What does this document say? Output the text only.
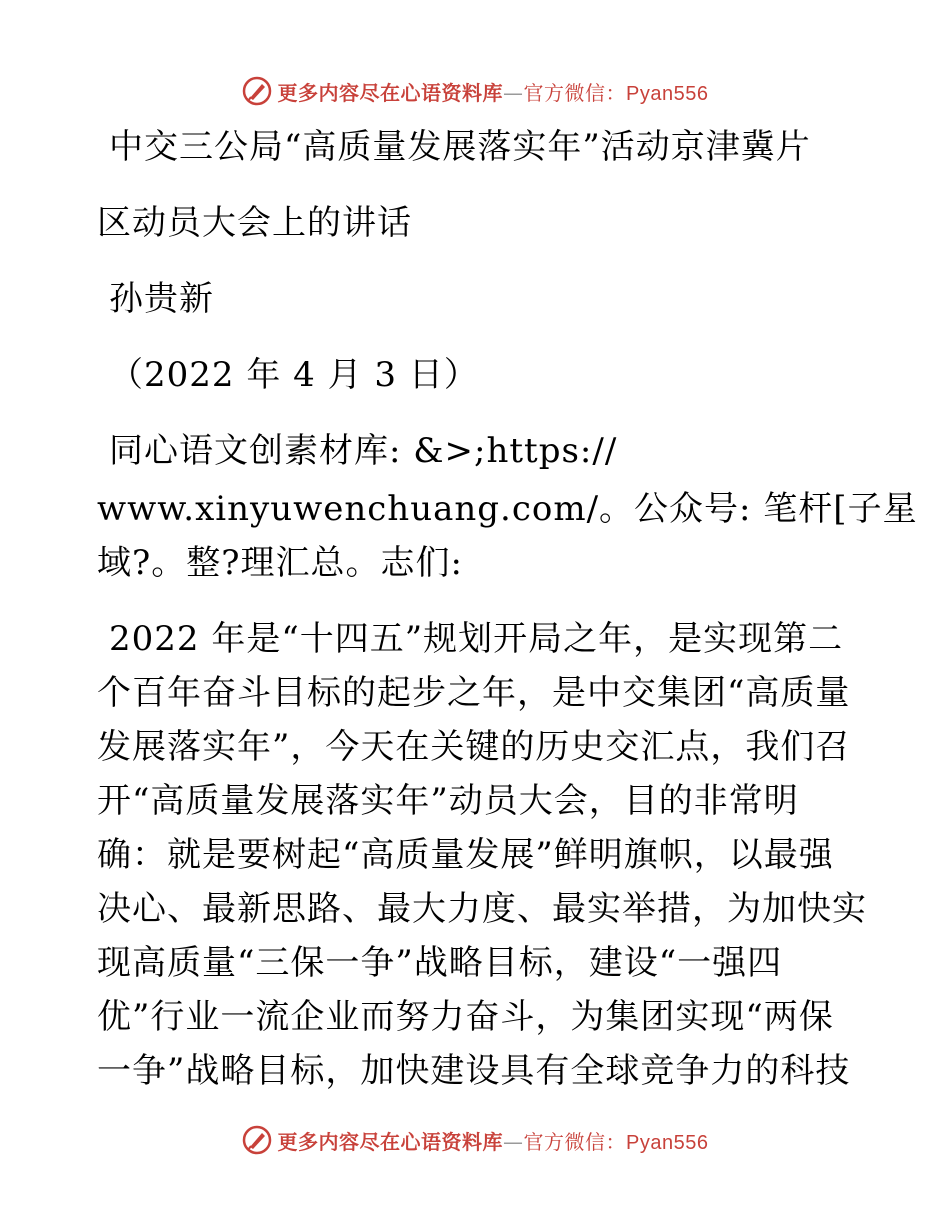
更多内容尽在心语资料库—官方微信：Pyan556
中交三公局“高质量发展落实年”活动京津冀片
区动员大会上的讲话
孙贵新
（2022 年 4 月 3 日）
同心语文创素材库: &>;https://
www.xinyuwenchuang.com/。公众号: 笔杆[子星
域?。整?理汇总。志们:
2022 年是“十四五”规划开局之年，是实现第二
个百年奋斗目标的起步之年，是中交集团“高质量
发展落实年”，今天在关键的历史交汇点，我们召
开“高质量发展落实年”动员大会，目的非常明
确：就是要树起“高质量发展”鲜明旗帜，以最强
决心、最新思路、最大力度、最实举措，为加快实
现高质量“三保一争”战略目标，建设“一强四
优”行业一流企业而努力奋斗，为集团实现“两保
一争”战略目标，加快建设具有全球竞争力的科技
更多内容尽在心语资料库—官方微信：Pyan556
